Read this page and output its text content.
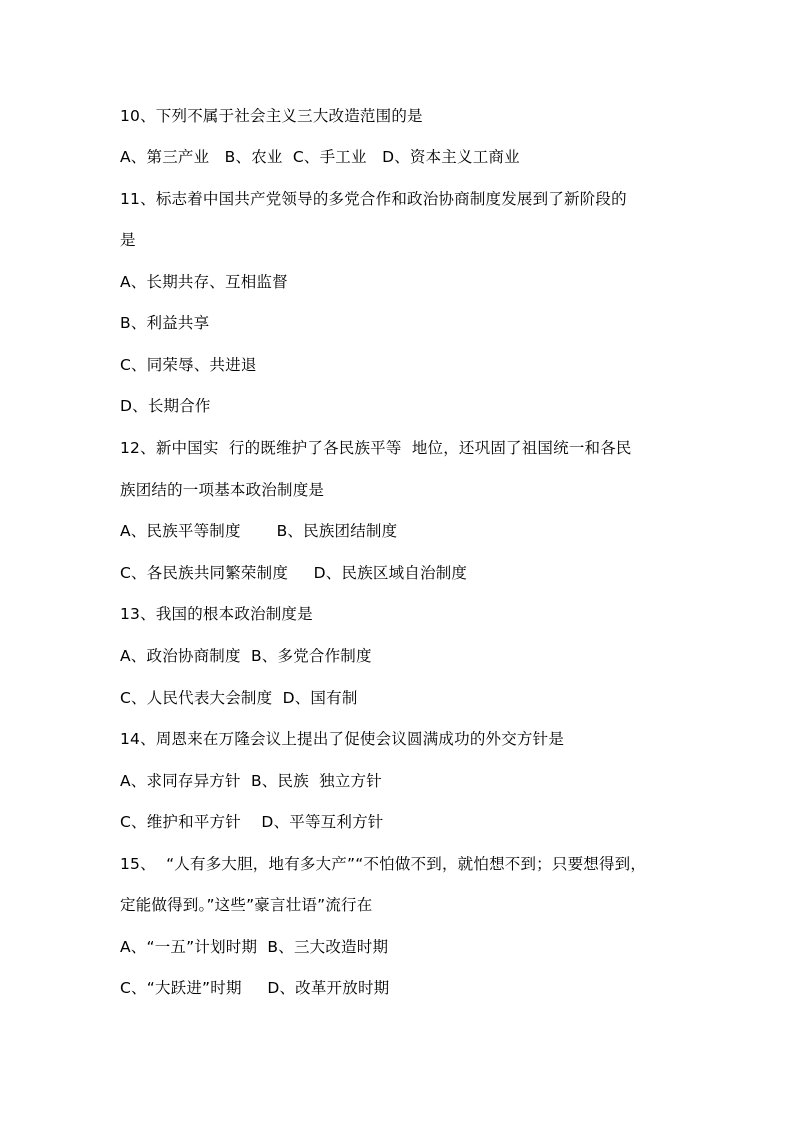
10、下列不属于社会主义三大改造范围的是
A、第三产业   B、农业  C、手工业   D、资本主义工商业
11、标志着中国共产党领导的多党合作和政治协商制度发展到了新阶段的
是
A、长期共存、互相监督
B、利益共享
C、同荣辱、共进退
D、长期合作
12、新中国实  行的既维护了各民族平等  地位，还巩固了祖国统一和各民
族团结的一项基本政治制度是
A、民族平等制度       B、民族团结制度
C、各民族共同繁荣制度     D、民族区域自治制度
13、我国的根本政治制度是
A、政治协商制度  B、多党合作制度
C、人民代表大会制度  D、国有制
14、周恩来在万隆会议上提出了促使会议圆满成功的外交方针是
A、求同存异方针  B、民族  独立方针
C、维护和平方针    D、平等互利方针
15、  “人有多大胆，地有多大产”“不怕做不到，就怕想不到；只要想得到，
定能做得到。”这些”豪言壮语”流行在
A、“一五”计划时期  B、三大改造时期
C、“大跃进”时期     D、改革开放时期
